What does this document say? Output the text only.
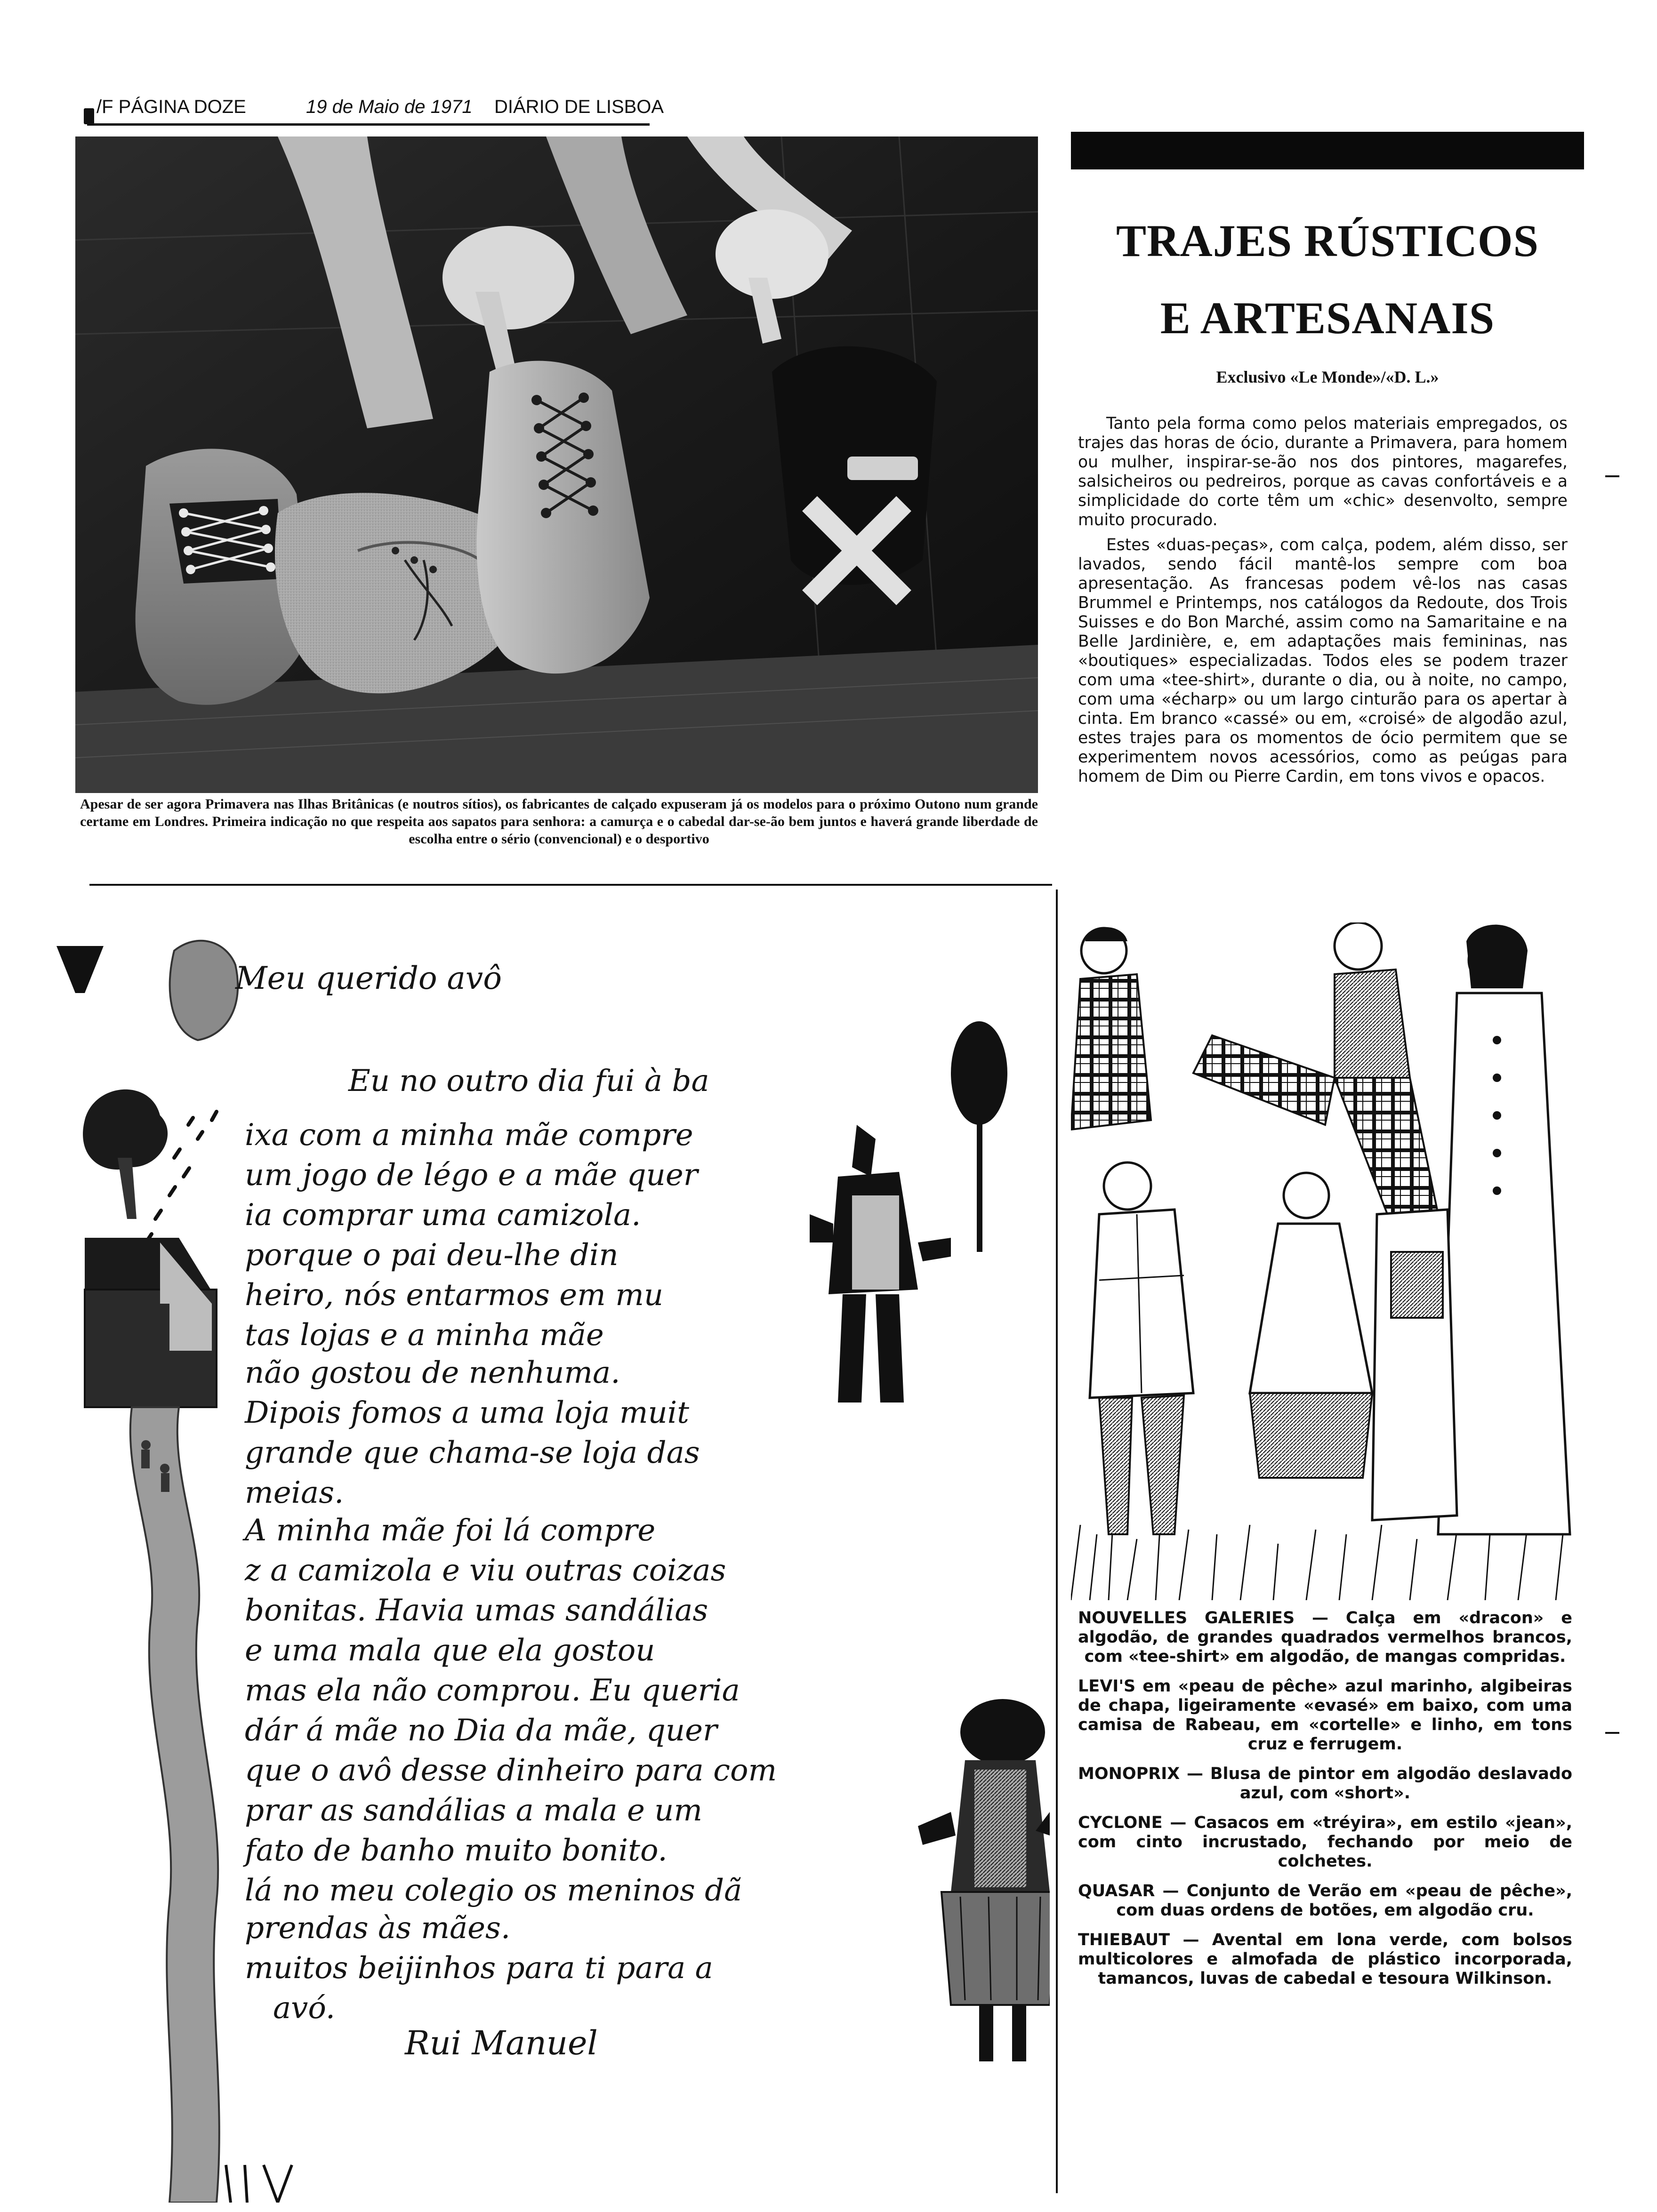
/F PÁGINA DOZE	19 de Maio de 1971 DIÁRIO DE LISBOA
Apesar de ser agora Primavera nas Ilhas Britânicas (e noutros sítios), os fabricantes de calçado expuseram já os modelos para o próximo Outono num grande certame em Londres. Primeira indicação no que respeita aos sapatos para senhora: a camurça e o cabedal dar-se-ão bem juntos e haverá grande liberdade de escolha entre o sério (convencional) e o desportivo
TRAJES RÚSTICOS
E ARTESANAIS
Exclusivo «Le Monde»/«D. L.»

Tanto pela forma como pelos materiais empregados, os trajes das horas de ócio, durante a Primavera, para homem ou mulher, inspirar-se-ão nos dos pintores, magarefes, salsicheiros ou pedreiros, porque as cavas confortáveis e a simplicidade do corte têm um «chic» desenvolto, sempre muito procurado.

Estes «duas-peças», com calça, podem, além disso, ser lavados, sendo fácil mantê-los sempre com boa apresentação. As francesas podem vê-los nas casas Brummel e Printemps, nos catálogos da Redoute, dos Trois Suisses e do Bon Marché, assim como na Samaritaine e na Belle Jardinière, e, em adaptações mais femininas, nas «boutiques» especializadas. Todos eles se podem trazer com uma «tee-shirt», durante o dia, ou à noite, no campo, com uma «écharp» ou um largo cinturão para os apertar à cinta. Em branco «cassé» ou em, «croisé» de algodão azul, estes trajes para os momentos de ócio permitem que se experimentem novos acessórios, como as peúgas para homem de Dim ou Pierre Cardin, em tons vivos e opacos.

NOUVELLES GALERIES — Calça em «dracon» e algodão, de grandes quadrados vermelhos brancos, com «tee-shirt» em algodão, de mangas compridas.
LEVI'S em «peau de pêche» azul marinho, algibeiras de chapa, ligeiramente «evasé» em baixo, com uma camisa de Rabeau, em «cortelle» e linho, em tons cruz e ferrugem.
MONOPRIX — Blusa de pintor em algodão deslavado azul, com «short».
CYCLONE — Casacos em «tréyira», em estilo «jean», com cinto incrustado, fechando por meio de colchetes.
QUASAR — Conjunto de Verão em «peau de pêche», com duas ordens de botões, em algodão cru.
THIEBAUT — Avental em lona verde, com bolsos multicolores e almofada de plástico incorporada, tamancos, luvas de cabedal e tesoura Wilkinson.
Meu querido avô
Eu no outro dia fui à ba
ixa com a minha mãe compre
um jogo de légo e a mãe quer
ia comprar uma camizola.
porque o pai deu-lhe din
heiro, nós entarmos em mu
tas lojas e a minha mãe
não gostou de nenhuma.
Dipois fomos a uma loja muit
grande que chama-se loja das
meias.
A minha mãe foi lá compre
z a camizola e viu outras coizas
bonitas. Havia umas sandálias
e uma mala que ela gostou
mas ela não comprou. Eu queria
dár á mãe no Dia da mãe, quer
que o avô desse dinheiro para com
prar as sandálias a mala e um
fato de banho muito bonito.
lá no meu colegio os meninos dã
prendas às mães.
muitos beijinhos para ti para a
avó.
Rui Manuel
